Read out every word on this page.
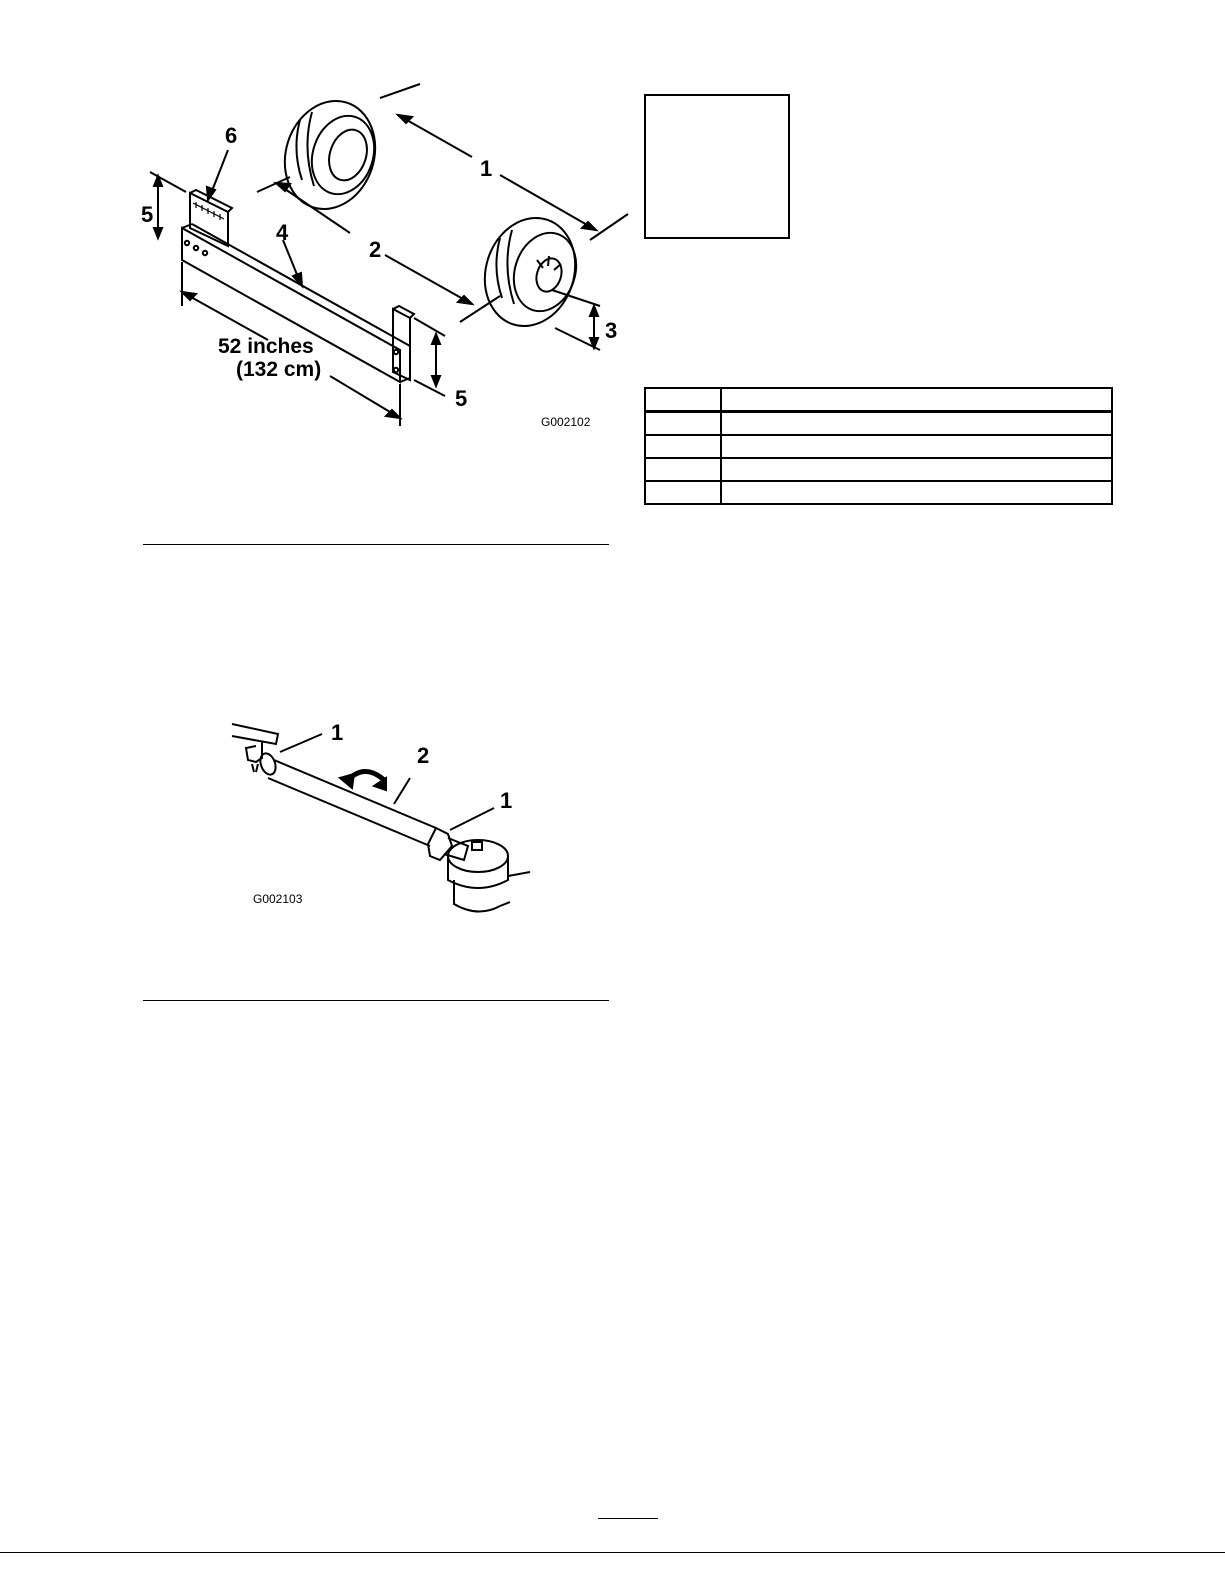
1
2
3
4
5
5
6
52 inches
(132 cm)
G002102

1
2
1
G002103
